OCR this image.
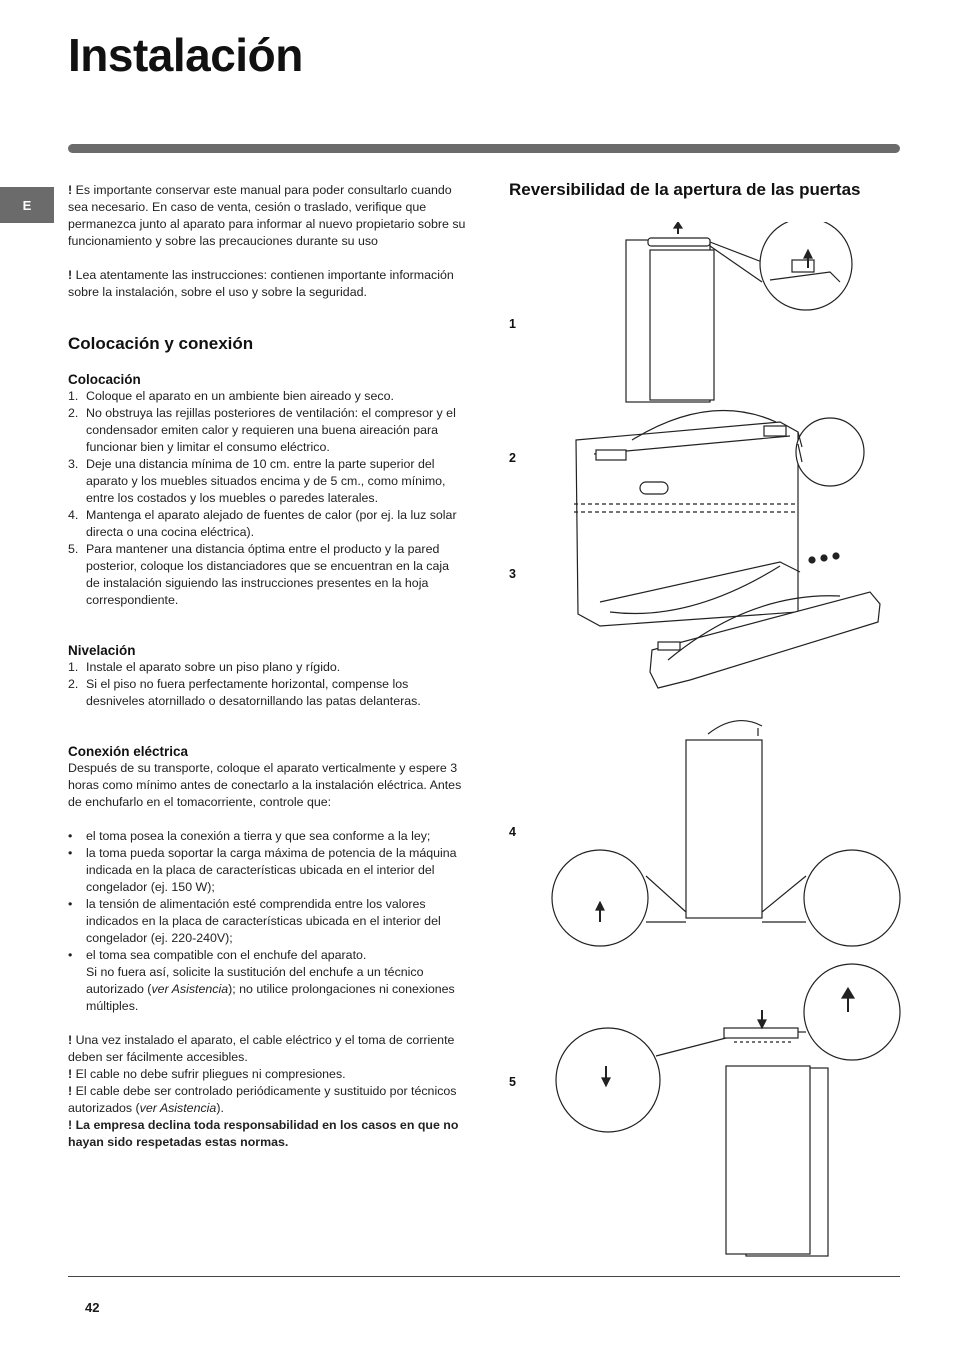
Instalación
E

! Es importante conservar este manual para poder consultarlo cuando sea necesario. En caso de venta, cesión o traslado, verifique que permanezca junto al aparato para informar al nuevo propietario sobre su funcionamiento y sobre las precauciones durante su uso

! Lea atentamente las instrucciones: contienen importante información sobre la instalación, sobre el uso y sobre la seguridad.

Colocación y conexión
Colocación
1. Coloque el aparato en un ambiente bien aireado y seco.
2. No obstruya las rejillas posteriores de ventilación: el compresor y el condensador emiten calor y requieren una buena aireación para funcionar bien y limitar el consumo eléctrico.
3. Deje una distancia mínima de 10 cm. entre la parte superior del aparato y los muebles situados encima y de 5 cm., como mínimo, entre los costados y los muebles o paredes laterales.
4. Mantenga el aparato alejado de fuentes de calor (por ej. la luz solar directa o una cocina eléctrica).
5. Para mantener una distancia óptima entre el producto y la pared posterior, coloque los distanciadores que se encuentran en la caja de instalación siguiendo las instrucciones presentes en la hoja correspondiente.
Nivelación
1. Instale el aparato sobre un piso plano y rígido.
2. Si el piso no fuera perfectamente horizontal, compense los desniveles atornillado o desatornillando las patas delanteras.
Conexión eléctrica

Después de su transporte, coloque el aparato verticalmente y espere 3 horas como mínimo antes de conectarlo a la instalación eléctrica. Antes de enchufarlo en el tomacorriente, controle que:

• el toma posea la conexión a tierra y que sea conforme a la ley;
• la toma pueda soportar la carga máxima de potencia de la máquina indicada en la placa de características ubicada en el interior del congelador (ej. 150 W);
• la tensión de alimentación esté comprendida entre los valores indicados en la placa de características ubicada en el interior del congelador (ej. 220-240V);
• el toma sea compatible con el enchufe del aparato.

Si no fuera así, solicite la sustitución del enchufe a un técnico autorizado (ver Asistencia); no utilice prolongaciones ni conexiones múltiples.

! Una vez instalado el aparato, el cable eléctrico y el toma de corriente deben ser fácilmente accesibles.

! El cable no debe sufrir pliegues ni compresiones.

! El cable debe ser controlado periódicamente y sustituido por técnicos autorizados (ver Asistencia).

! La empresa declina toda responsabilidad en los casos en que no hayan sido respetadas estas normas.

Reversibilidad de la apertura de las puertas
1
2
3
4
5
42
